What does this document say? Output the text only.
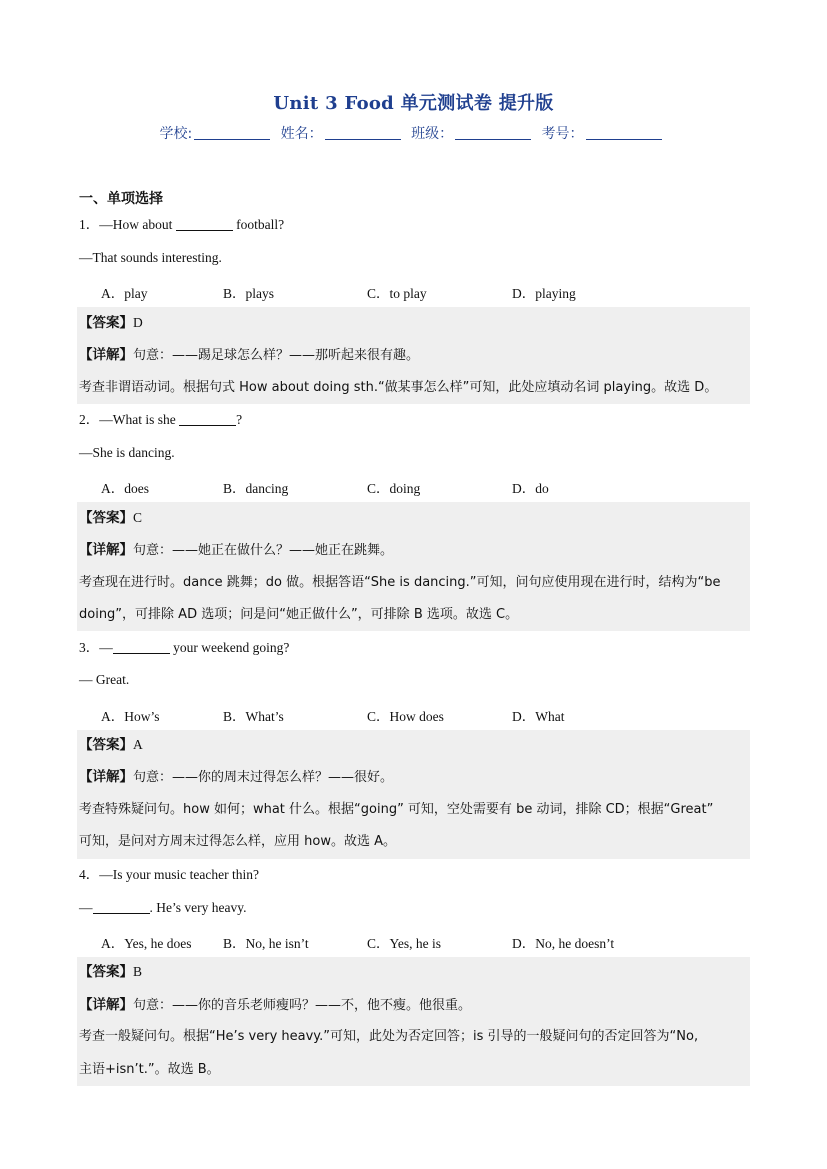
Unit 3 Food 单元测试卷 提升版
学校:	姓名：	班级：	考号：
一、单项选择
1．—How about	football?
—That sounds interesting.
A．play	B．plays	C．to play	D．playing
【答案】D
【详解】句意：——踢足球怎么样？——那听起来很有趣。
考查非谓语动词。根据句式 How about doing sth.“做某事怎么样”可知，此处应填动名词 playing。故选 D。
2．—What is she	?
—She is dancing.
A．does	B．dancing	C．doing	D．do
【答案】C
【详解】句意：——她正在做什么？——她正在跳舞。
考查现在进行时。dance 跳舞；do 做。根据答语“She is dancing.”可知，问句应使用现在进行时，结构为“be
doing”，可排除 AD 选项；问是问“她正做什么”，可排除 B 选项。故选 C。
3．—	your weekend going?
— Great.
A．How’s	B．What’s	C．How does	D．What
【答案】A
【详解】句意：——你的周末过得怎么样？——很好。
考查特殊疑问句。how 如何；what 什么。根据“going” 可知，空处需要有 be 动词，排除 CD；根据“Great”
可知，是问对方周末过得怎么样，应用 how。故选 A。
4．—Is your music teacher thin?
—	. He’s very heavy.
A．Yes, he does B．No, he isn’t	C．Yes, he is	D．No, he doesn’t
【答案】B
【详解】句意：——你的音乐老师瘦吗？——不，他不瘦。他很重。
考查一般疑问句。根据“He’s very heavy.”可知，此处为否定回答；is 引导的一般疑问句的否定回答为“No,
主语+isn’t.”。故选 B。
